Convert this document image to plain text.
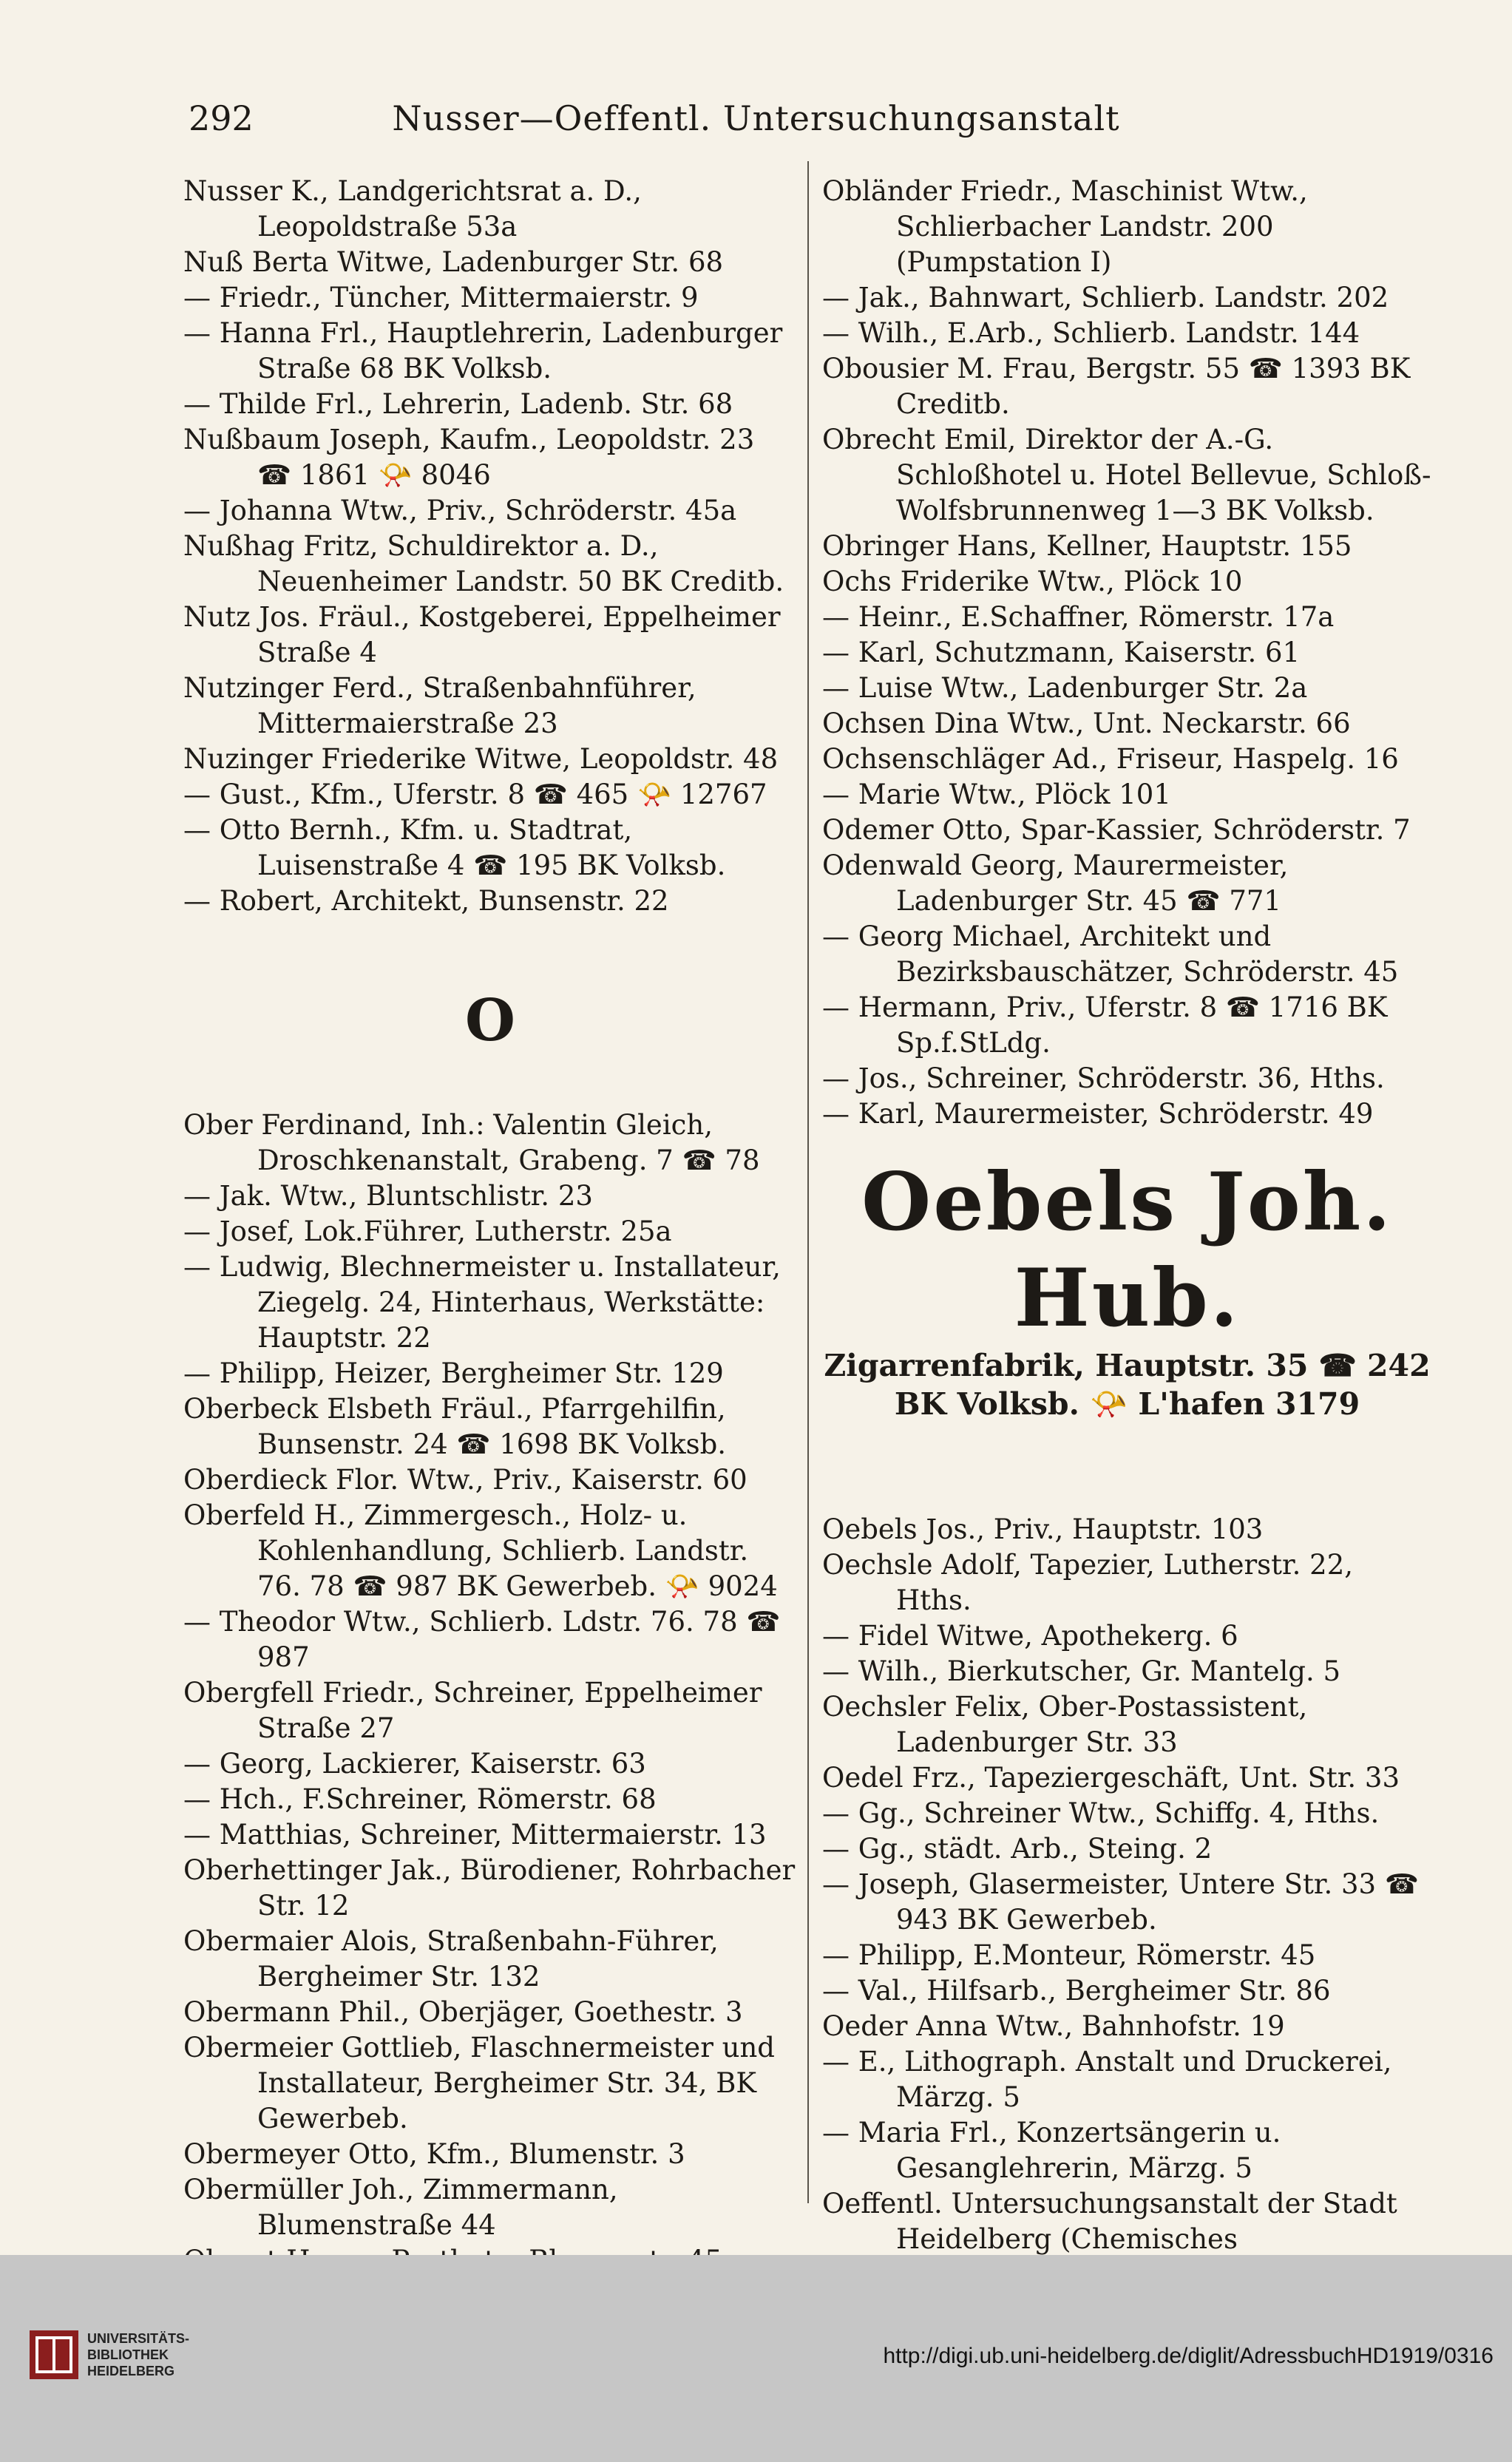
292	Nusser—Oeffentl. Untersuchungsanstalt
Nusser K., Landgerichtsrat a. D., Leopoldstraße 53a
Nuß Berta Witwe, Ladenburger Str. 68
— Friedr., Tüncher, Mittermaierstr. 9
— Hanna Frl., Hauptlehrerin, Ladenburger Straße 68 BK Volksb.
— Thilde Frl., Lehrerin, Ladenb. Str. 68
Nußbaum Joseph, Kaufm., Leopoldstr. 23 ☎ 1861 📯 8046
— Johanna Wtw., Priv., Schröderstr. 45a
Nußhag Fritz, Schuldirektor a. D., Neuenheimer Landstr. 50 BK Creditb.
Nutz Jos. Fräul., Kostgeberei, Eppelheimer Straße 4
Nutzinger Ferd., Straßenbahnführer, Mittermaierstraße 23
Nuzinger Friederike Witwe, Leopoldstr. 48
— Gust., Kfm., Uferstr. 8 ☎ 465 📯 12767
— Otto Bernh., Kfm. u. Stadtrat, Luisenstraße 4 ☎ 195 BK Volksb.
— Robert, Architekt, Bunsenstr. 22
O
Ober Ferdinand, Inh.: Valentin Gleich, Droschkenanstalt, Grabeng. 7 ☎ 78
— Jak. Wtw., Bluntschlistr. 23
— Josef, Lok.Führer, Lutherstr. 25a
— Ludwig, Blechnermeister u. Installateur, Ziegelg. 24, Hinterhaus, Werkstätte: Hauptstr. 22
— Philipp, Heizer, Bergheimer Str. 129
Oberbeck Elsbeth Fräul., Pfarrgehilfin, Bunsenstr. 24 ☎ 1698 BK Volksb.
Oberdieck Flor. Wtw., Priv., Kaiserstr. 60
Oberfeld H., Zimmergesch., Holz- u. Kohlenhandlung, Schlierb. Landstr. 76. 78 ☎ 987 BK Gewerbeb. 📯 9024
— Theodor Wtw., Schlierb. Ldstr. 76. 78 ☎ 987
Obergfell Friedr., Schreiner, Eppelheimer Straße 27
— Georg, Lackierer, Kaiserstr. 63
— Hch., F.Schreiner, Römerstr. 68
— Matthias, Schreiner, Mittermaierstr. 13
Oberhettinger Jak., Bürodiener, Rohrbacher Str. 12
Obermaier Alois, Straßenbahn-Führer, Bergheimer Str. 132
Obermann Phil., Oberjäger, Goethestr. 3
Obermeier Gottlieb, Flaschnermeister und Installateur, Bergheimer Str. 34, BK Gewerbeb.
Obermeyer Otto, Kfm., Blumenstr. 3
Obermüller Joh., Zimmermann, Blumenstraße 44
Obländer Friedr., Maschinist Wtw., Schlierbacher Landstr. 200 (Pumpstation I)
— Jak., Bahnwart, Schlierb. Landstr. 202
— Wilh., E.Arb., Schlierb. Landstr. 144
Obousier M. Frau, Bergstr. 55 ☎ 1393 BK Creditb.
Obrecht Emil, Direktor der A.-G. Schloßhotel u. Hotel Bellevue, Schloß-Wolfsbrunnenweg 1—3 BK Volksb.
Obringer Hans, Kellner, Hauptstr. 155
Ochs Friderike Wtw., Plöck 10
— Heinr., E.Schaffner, Römerstr. 17a
— Karl, Schutzmann, Kaiserstr. 61
— Luise Wtw., Ladenburger Str. 2a
Ochsen Dina Wtw., Unt. Neckarstr. 66
Ochsenschläger Ad., Friseur, Haspelg. 16
— Marie Wtw., Plöck 101
Odemer Otto, Spar-Kassier, Schröderstr. 7
Odenwald Georg, Maurermeister, Ladenburger Str. 45 ☎ 771
— Georg Michael, Architekt und Bezirksbauschätzer, Schröderstr. 45
— Hermann, Priv., Uferstr. 8 ☎ 1716 BK Sp.f.StLdg.
— Jos., Schreiner, Schröderstr. 36, Hths.
— Karl, Maurermeister, Schröderstr. 49
Oebels Joh. Hub.
Zigarrenfabrik, Hauptstr. 35 ☎ 242
BK Volksb. 📯 L'hafen 3179
Oebels Jos., Priv., Hauptstr. 103
Oechsle Adolf, Tapezier, Lutherstr. 22, Hths.
— Fidel Witwe, Apothekerg. 6
— Wilh., Bierkutscher, Gr. Mantelg. 5
Oechsler Felix, Ober-Postassistent, Ladenburger Str. 33
Oedel Frz., Tapeziergeschäft, Unt. Str. 33
— Gg., Schreiner Wtw., Schiffg. 4, Hths.
— Gg., städt. Arb., Steing. 2
— Joseph, Glasermeister, Untere Str. 33 ☎ 943 BK Gewerbeb.
— Philipp, E.Monteur, Römerstr. 45
— Val., Hilfsarb., Bergheimer Str. 86
Oeder Anna Wtw., Bahnhofstr. 19
— E., Lithograph. Anstalt und Druckerei, Märzg. 5
— Maria Frl., Konzertsängerin u. Gesanglehrerin, Märzg. 5
Oeffentl. Untersuchungsanstalt der Stadt Heidelberg (Chemisches
UNIVERSITÄTS-
BIBLIOTHEK
HEIDELBERG
http://digi.ub.uni-heidelberg.de/diglit/AdressbuchHD1919/0316
